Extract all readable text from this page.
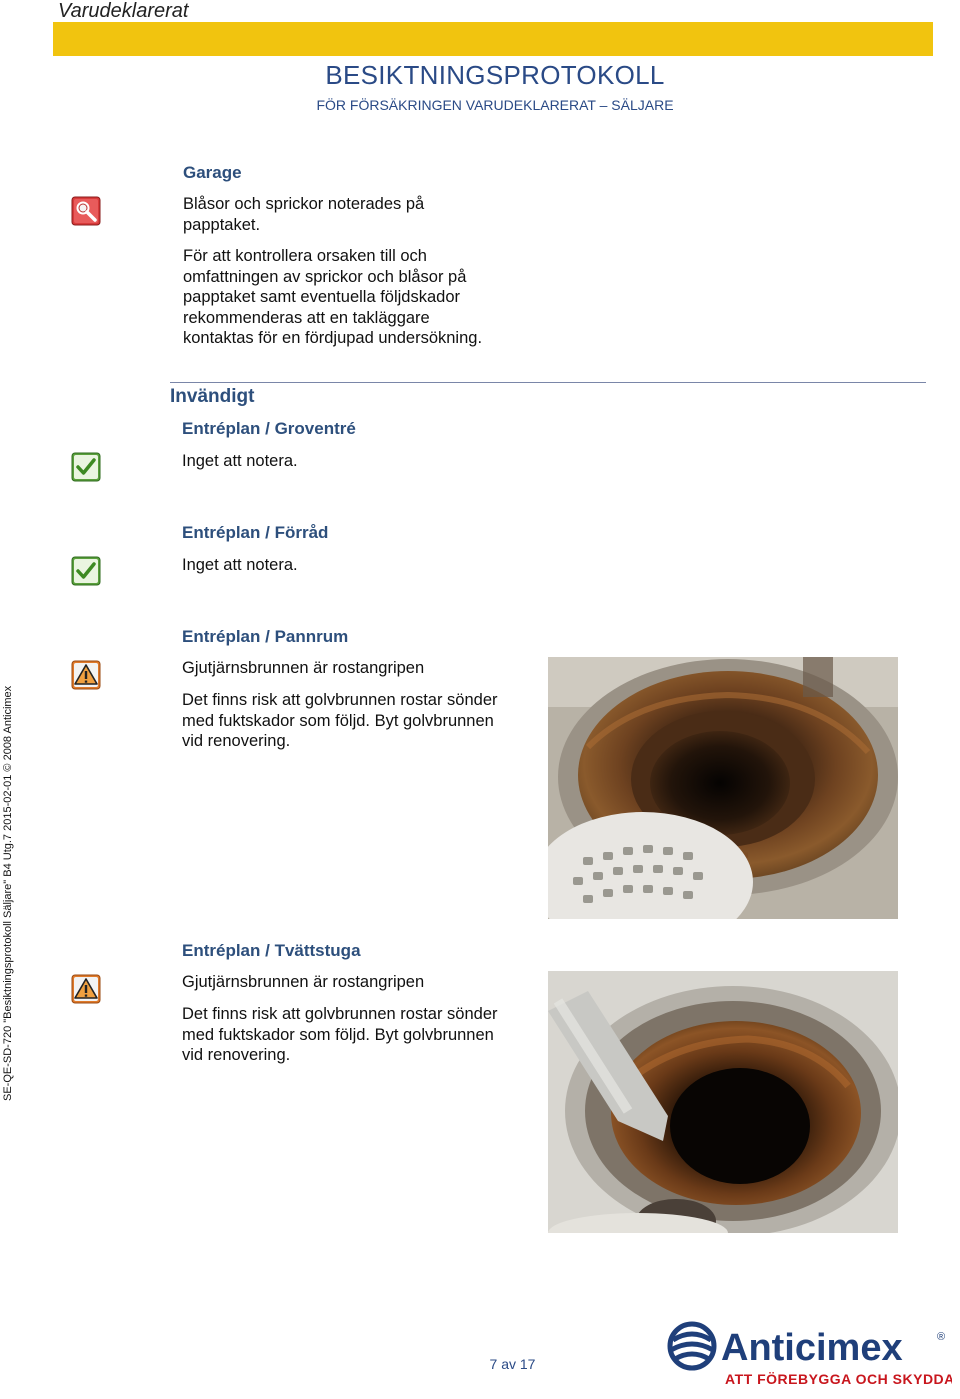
Varudeklarerat
BESIKTNINGSPROTOKOLL
FÖR FÖRSÄKRINGEN VARUDEKLARERAT – SÄLJARE
Garage
Blåsor och sprickor noterades på
papptaket.
För att kontrollera orsaken till och
omfattningen av sprickor och blåsor på
papptaket samt eventuella följdskador
rekommenderas att en takläggare
kontaktas för en fördjupad undersökning.
Invändigt
Entréplan / Groventré
Inget att notera.
Entréplan / Förråd
Inget att notera.
Entréplan / Pannrum
Gjutjärnsbrunnen är rostangripen
Det finns risk att golvbrunnen rostar sönder
med fuktskador som följd. Byt golvbrunnen
vid renovering.
Entréplan / Tvättstuga
Gjutjärnsbrunnen är rostangripen
Det finns risk att golvbrunnen rostar sönder
med fuktskador som följd. Byt golvbrunnen
vid renovering.
SE-QE-SD-720 "Besiktningsprotokoll Säljare" B4 Utg.7 2015-02-01 © 2008 Anticimex
7 av 17	Anticimex	®
ATT FÖREBYGGA OCH SKYDDA
